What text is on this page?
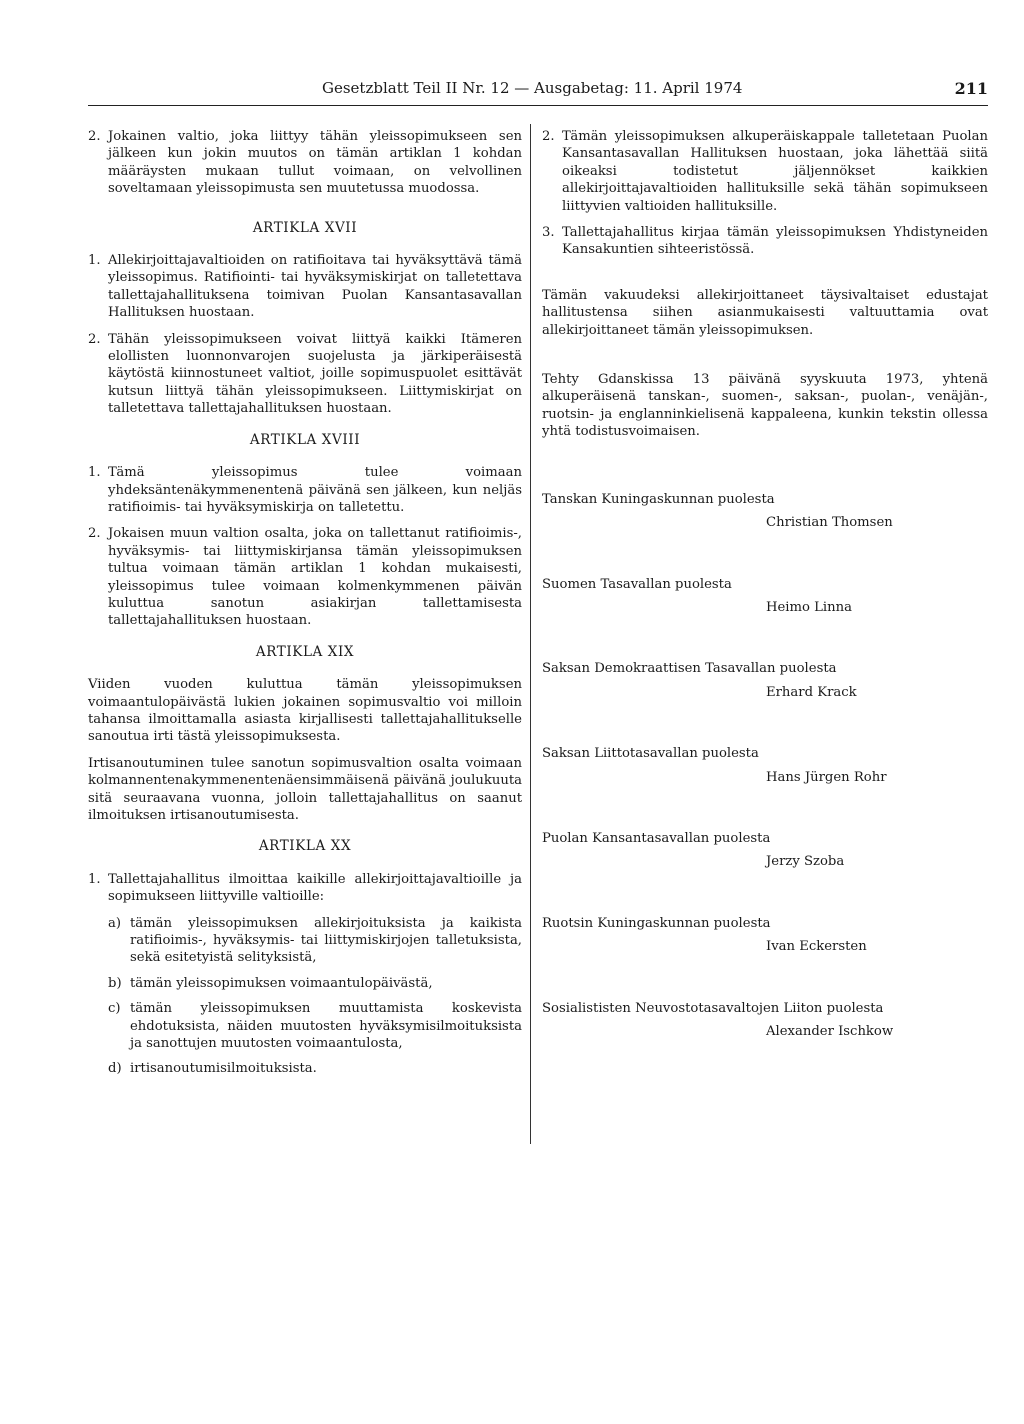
Gesetzblatt Teil II Nr. 12 — Ausgabetag: 11. April 1974	211
2. Jokainen valtio, joka liittyy tähän yleissopimukseen sen jälkeen kun jokin muutos on tämän artiklan 1 kohdan määräysten mukaan tullut voimaan, on velvollinen soveltamaan yleissopimusta sen muutetussa muodossa.
ARTIKLA XVII
1. Allekirjoittajavaltioiden on ratifioitava tai hyväksyttävä tämä yleissopimus. Ratifiointi- tai hyväksymiskirjat on talletettava tallettajahallituksena toimivan Puolan Kansantasavallan Hallituksen huostaan.
2. Tähän yleissopimukseen voivat liittyä kaikki Itämeren elollisten luonnonvarojen suojelusta ja järkiperäisestä käytöstä kiinnostuneet valtiot, joille sopimuspuolet esittävät kutsun liittyä tähän yleissopimukseen. Liittymiskirjat on talletettava tallettajahallituksen huostaan.
ARTIKLA XVIII
1. Tämä yleissopimus tulee voimaan yhdeksäntenäkymmenentenä päivänä sen jälkeen, kun neljäs ratifioimis- tai hyväksymiskirja on talletettu.
2. Jokaisen muun valtion osalta, joka on tallettanut ratifioimis-, hyväksymis- tai liittymiskirjansa tämän yleissopimuksen tultua voimaan tämän artiklan 1 kohdan mukaisesti, yleissopimus tulee voimaan kolmenkymmenen päivän kuluttua sanotun asiakirjan tallettamisesta tallettajahallituksen huostaan.
ARTIKLA XIX
Viiden vuoden kuluttua tämän yleissopimuksen voimaantulopäivästä lukien jokainen sopimusvaltio voi milloin tahansa ilmoittamalla asiasta kirjallisesti tallettajahallitukselle sanoutua irti tästä yleissopimuksesta.
Irtisanoutuminen tulee sanotun sopimusvaltion osalta voimaan kolmannentenakymmenentenäensimmäisenä päivänä joulukuuta sitä seuraavana vuonna, jolloin tallettajahallitus on saanut ilmoituksen irtisanoutumisesta.
ARTIKLA XX
1. Tallettajahallitus ilmoittaa kaikille allekirjoittajavaltioille ja sopimukseen liittyville valtioille:
a) tämän yleissopimuksen allekirjoituksista ja kaikista ratifioimis-, hyväksymis- tai liittymiskirjojen talletuksista, sekä esitetyistä selityksistä,
b) tämän yleissopimuksen voimaantulopäivästä,
c) tämän yleissopimuksen muuttamista koskevista ehdotuksista, näiden muutosten hyväksymisilmoituksista ja sanottujen muutosten voimaantulosta,
d) irtisanoutumisilmoituksista.
2. Tämän yleissopimuksen alkuperäiskappale talletetaan Puolan Kansantasavallan Hallituksen huostaan, joka lähettää siitä oikeaksi todistetut jäljennökset kaikkien allekirjoittajavaltioiden hallituksille sekä tähän sopimukseen liittyvien valtioiden hallituksille.
3. Tallettajahallitus kirjaa tämän yleissopimuksen Yhdistyneiden Kansakuntien sihteeristössä.
Tämän vakuudeksi allekirjoittaneet täysivaltaiset edustajat hallitustensa siihen asianmukaisesti valtuuttamia ovat allekirjoittaneet tämän yleissopimuksen.
Tehty Gdanskissa 13 päivänä syyskuuta 1973, yhtenä alkuperäisenä tanskan-, suomen-, saksan-, puolan-, venäjän-, ruotsin- ja englanninkielisenä kappaleena, kunkin tekstin ollessa yhtä todistusvoimaisen.
Tanskan Kuningaskunnan puolesta
Christian Thomsen
Suomen Tasavallan puolesta
Heimo Linna
Saksan Demokraattisen Tasavallan puolesta
Erhard Krack
Saksan Liittotasavallan puolesta
Hans Jürgen Rohr
Puolan Kansantasavallan puolesta
Jerzy Szoba
Ruotsin Kuningaskunnan puolesta
Ivan Eckersten
Sosialististen Neuvostotasavaltojen Liiton puolesta
Alexander Ischkow
